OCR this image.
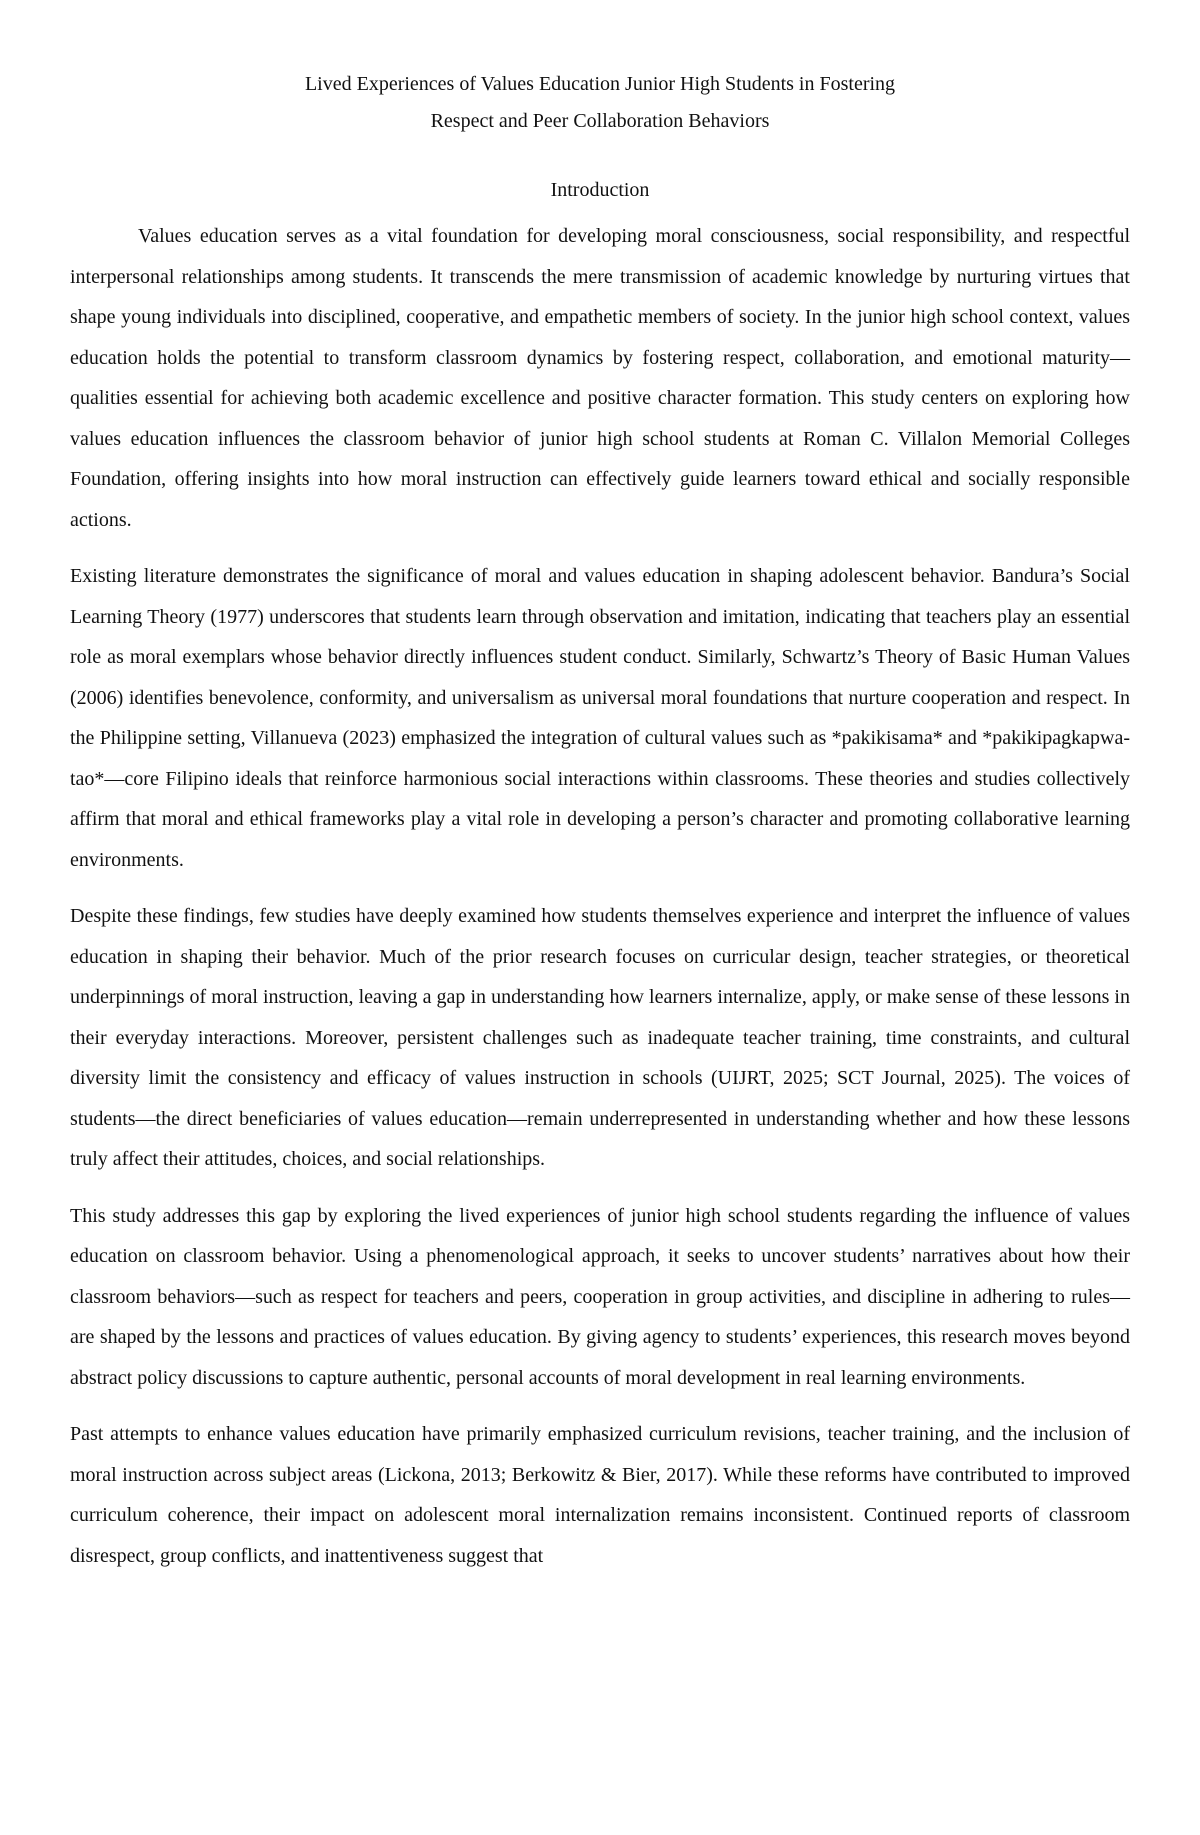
Lived Experiences of Values Education Junior High Students in Fostering
Respect and Peer Collaboration Behaviors
Introduction

Values education serves as a vital foundation for developing moral consciousness, social responsibility, and respectful interpersonal relationships among students. It transcends the mere transmission of academic knowledge by nurturing virtues that shape young individuals into disciplined, cooperative, and empathetic members of society. In the junior high school context, values education holds the potential to transform classroom dynamics by fostering respect, collaboration, and emotional maturity—qualities essential for achieving both academic excellence and positive character formation. This study centers on exploring how values education influences the classroom behavior of junior high school students at Roman C. Villalon Memorial Colleges Foundation, offering insights into how moral instruction can effectively guide learners toward ethical and socially responsible actions.

Existing literature demonstrates the significance of moral and values education in shaping adolescent behavior. Bandura’s Social Learning Theory (1977) underscores that students learn through observation and imitation, indicating that teachers play an essential role as moral exemplars whose behavior directly influences student conduct. Similarly, Schwartz’s Theory of Basic Human Values (2006) identifies benevolence, conformity, and universalism as universal moral foundations that nurture cooperation and respect. In the Philippine setting, Villanueva (2023) emphasized the integration of cultural values such as *pakikisama* and *pakikipagkapwa-tao*—core Filipino ideals that reinforce harmonious social interactions within classrooms. These theories and studies collectively affirm that moral and ethical frameworks play a vital role in developing a person’s character and promoting collaborative learning environments.

Despite these findings, few studies have deeply examined how students themselves experience and interpret the influence of values education in shaping their behavior. Much of the prior research focuses on curricular design, teacher strategies, or theoretical underpinnings of moral instruction, leaving a gap in understanding how learners internalize, apply, or make sense of these lessons in their everyday interactions. Moreover, persistent challenges such as inadequate teacher training, time constraints, and cultural diversity limit the consistency and efficacy of values instruction in schools (UIJRT, 2025; SCT Journal, 2025). The voices of students—the direct beneficiaries of values education—remain underrepresented in understanding whether and how these lessons truly affect their attitudes, choices, and social relationships.

This study addresses this gap by exploring the lived experiences of junior high school students regarding the influence of values education on classroom behavior. Using a phenomenological approach, it seeks to uncover students’ narratives about how their classroom behaviors—such as respect for teachers and peers, cooperation in group activities, and discipline in adhering to rules—are shaped by the lessons and practices of values education. By giving agency to students’ experiences, this research moves beyond abstract policy discussions to capture authentic, personal accounts of moral development in real learning environments.

Past attempts to enhance values education have primarily emphasized curriculum revisions, teacher training, and the inclusion of moral instruction across subject areas (Lickona, 2013; Berkowitz & Bier, 2017). While these reforms have contributed to improved curriculum coherence, their impact on adolescent moral internalization remains inconsistent. Continued reports of classroom disrespect, group conflicts, and inattentiveness suggest that
